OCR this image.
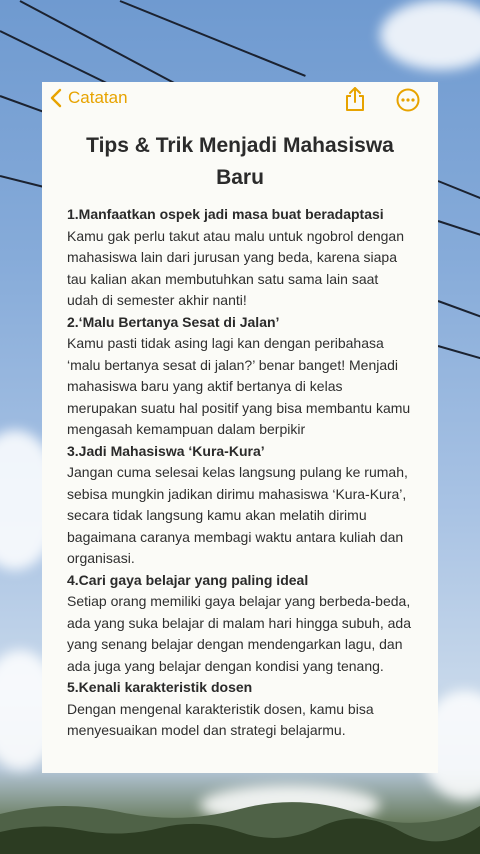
Catatan
Tips & Trik Menjadi Mahasiswa Baru
1.Manfaatkan ospek jadi masa buat beradaptasi
Kamu gak perlu takut atau malu untuk ngobrol dengan mahasiswa lain dari jurusan yang beda, karena siapa tau kalian akan membutuhkan satu sama lain saat udah di semester akhir nanti!
2.‘Malu Bertanya Sesat di Jalan’
Kamu pasti tidak asing lagi kan dengan peribahasa ‘malu bertanya sesat di jalan?’ benar banget! Menjadi mahasiswa baru yang aktif bertanya di kelas merupakan suatu hal positif yang bisa membantu kamu mengasah kemampuan dalam berpikir
3.Jadi Mahasiswa ‘Kura-Kura’
Jangan cuma selesai kelas langsung pulang ke rumah, sebisa mungkin jadikan dirimu mahasiswa ‘Kura-Kura’, secara tidak langsung kamu akan melatih dirimu bagaimana caranya membagi waktu antara kuliah dan organisasi.
4.Cari gaya belajar yang paling ideal
Setiap orang memiliki gaya belajar yang berbeda-beda, ada yang suka belajar di malam hari hingga subuh, ada yang senang belajar dengan mendengarkan lagu, dan ada juga yang belajar dengan kondisi yang tenang.
5.Kenali karakteristik dosen
Dengan mengenal karakteristik dosen, kamu bisa menyesuaikan model dan strategi belajarmu.
